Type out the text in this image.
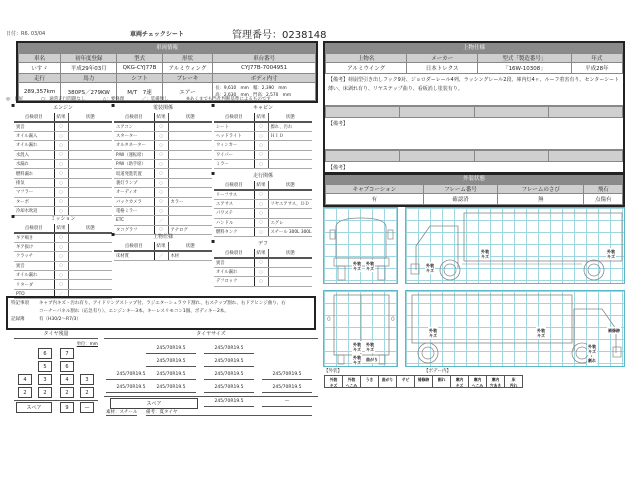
日付：R6. 03/04	車両チェックシート	管理番号：0238148
車両情報
車名	初年度登録	型式	形状	車台番号
いすゞ	平成29年03月	QKG-CYJ77B	アルミウィング	CYJ77B-7004951
走行	馬力	シフト	ブレーキ	ボディ内寸
289,357km	380PS／279KW	M/T　7速	エアー	長：9,610　mm　幅：2,390　mm
高：2,630　mm　門高：2,570　mm
◎：良好	○：通常走行問題なし	△：要修理	／：装備無し	※あくまでも当社判断基準によるものです
▪	エンジン
点検項目	結果	状態
異音	○	
オイル漏入	○	
オイル漏れ	○	
水混入	○	
水漏れ	○	
燃料漏れ	○	
排気	○	
マフラー	○	
ターボ	○	
冷却水吹返	○	
▪	ミッション
点検項目	結果	状態
ギア鳴き	○	
ギア抜け	○	
クラッチ	○	
異音	○	
オイル漏れ	○	
リターダ	○	
PTO	／	
▪	電装関係
点検項目	結果	状態
エアコン	○	
スターター	○	
オルタネーター	○	
P/W（運転席）	○	
P/W（助手席）	○	
坂道発進装置	○	
裏灯ランプ	○	
オーディオ	○	
バックカメラ	○	カラー
電格ミラー	○	
ETC	／	
タコグラフ	○	アナログ
▪	上物仕様
点検項目	結果	状態
床材質	／	木材
▪	キャビン
点検項目	結果	状態
シート	○	擦れ、汚れ
ヘッドライト	○	ＨＩＤ
ウィンカー	○	
ワイパー	○	
ミラー	○	
▪	走行関係
点検項目	結果	状態
リーフサス	○	
エアサス	○	リヤエアサス、ＤＤ
パワステ	○	
ハンドル	○	エグレ
燃料タンク	○	スチール 300L 300L
▪	デフ
点検項目	結果	状態
異音	○	
オイル漏れ	○	
デフロック	○	
特記事項 キャブ内キズ・汚れ有り、アイドリングストップ付、ラジエターシュラウド割れ、右ステップ割れ、右ドアヒンジ曲り、右
コーナーパネル割れ（応急有り）、エンジンキー3本、キーレスリモコン1個、ボディキー2本。
記録簿	有（H30/2〜R7/3）
タイヤ残量
単位：mm
6	7
5	6
4	3	4	3
2	2	2	2
スペア	9	—
タイヤサイズ
245/70R19.5	245/70R19.5
245/70R19.5	245/70R19.5
245/70R19.5	245/70R19.5	245/70R19.5	245/70R19.5
245/70R19.5	245/70R19.5	245/70R19.5	245/70R19.5
スペア	245/70R19.5	—
素材：スチール 備考：夏タイヤ
上物仕様
上物名	メーカー	型式「製造番号」	年式
アルミウイング	日本トレクス	「16W-10308」	平成28年
【備考】荷崩型引き出しフック9対、ジョロダーレール4列、ラッシングレール2段、庫内灯4ヶ、ルーフ着害有り、センターシート薄い、床剥れ有り、リヤステップ曲り、看板消し塗装有り。

【備考】

【備考】
外装状態
キャブコーション	フレーム番号	フレームのさび	飛石
有	確認済	無	点傷有
外装
キズ
外装
キズ
外装
キズ
外装
キズ
外装
キズ
0	0
外装
キズ
外装
キズ
外装
キズ
曲がり
外装
キズ
外装
キズ
補修跡
外装
キズ
割れ
【外装】	【ボデー内】
外装
キズ外装
へこみうき 曲がり サビ 補修跡 割れ	庫内
キズ庫内
へこみ庫内
穴あき床
汚れ
